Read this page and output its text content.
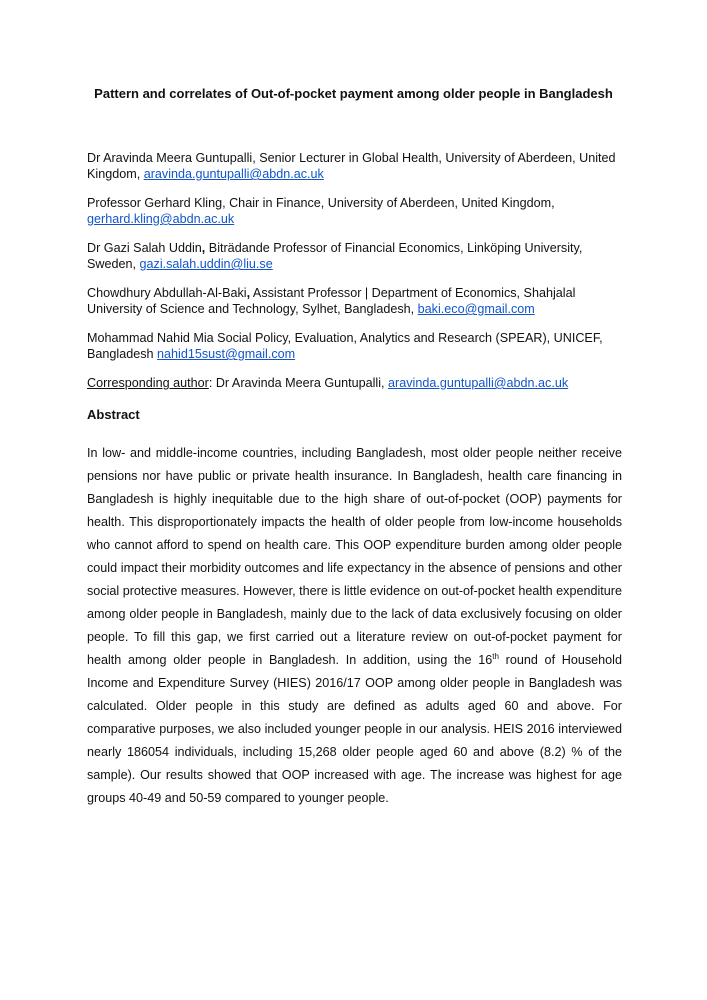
Pattern and correlates of Out-of-pocket payment among older people in Bangladesh
Dr Aravinda Meera Guntupalli, Senior Lecturer in Global Health, University of Aberdeen, United Kingdom, aravinda.guntupalli@abdn.ac.uk
Professor Gerhard Kling, Chair in Finance, University of Aberdeen, United Kingdom, gerhard.kling@abdn.ac.uk
Dr Gazi Salah Uddin, Biträdande Professor of Financial Economics, Linköping University, Sweden, gazi.salah.uddin@liu.se
Chowdhury Abdullah-Al-Baki, Assistant Professor | Department of Economics, Shahjalal University of Science and Technology, Sylhet, Bangladesh, baki.eco@gmail.com
Mohammad Nahid Mia Social Policy, Evaluation, Analytics and Research (SPEAR), UNICEF, Bangladesh nahid15sust@gmail.com
Corresponding author: Dr Aravinda Meera Guntupalli, aravinda.guntupalli@abdn.ac.uk
Abstract
In low- and middle-income countries, including Bangladesh, most older people neither receive pensions nor have public or private health insurance. In Bangladesh, health care financing in Bangladesh is highly inequitable due to the high share of out-of-pocket (OOP) payments for health. This disproportionately impacts the health of older people from low-income households who cannot afford to spend on health care. This OOP expenditure burden among older people could impact their morbidity outcomes and life expectancy in the absence of pensions and other social protective measures. However, there is little evidence on out-of-pocket health expenditure among older people in Bangladesh, mainly due to the lack of data exclusively focusing on older people. To fill this gap, we first carried out a literature review on out-of-pocket payment for health among older people in Bangladesh. In addition, using the 16th round of Household Income and Expenditure Survey (HIES) 2016/17 OOP among older people in Bangladesh was calculated. Older people in this study are defined as adults aged 60 and above. For comparative purposes, we also included younger people in our analysis. HEIS 2016 interviewed nearly 186054 individuals, including 15,268 older people aged 60 and above (8.2) % of the sample). Our results showed that OOP increased with age. The increase was highest for age groups 40-49 and 50-59 compared to younger people.
